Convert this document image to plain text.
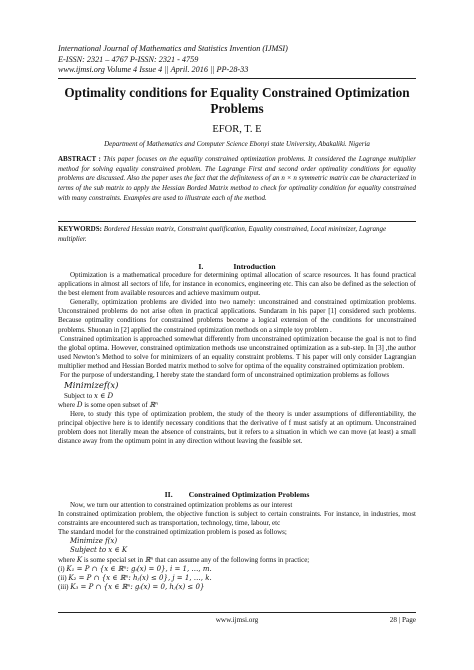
International Journal of Mathematics and Statistics Invention (IJMSI)
E-ISSN: 2321 – 4767 P-ISSN: 2321 - 4759
www.ijmsi.org Volume 4 Issue 4 || April. 2016 || PP-28-33
Optimality conditions for Equality Constrained Optimization Problems
EFOR, T. E
Department of Mathematics and Computer Science Ebonyi state University, Abakaliki. Nigeria
ABSTRACT : This paper focuses on the equality constrained optimization problems. It considered the Lagrange multiplier method for solving equality constrained problem. The Lagrange First and second order optimality conditions for equality problems are discussed. Also the paper uses the fact that the definiteness of an n × n symmetric matrix can be characterized in terms of the sub matrix to apply the Hessian Borded Matrix method to check for optimality condition for equality constrained with many constraints. Examples are used to illustrate each of the method.
KEYWORDS: Bordered Hessian matrix, Constraint qualification, Equality constrained, Local minimizer, Lagrange multiplier.
I.	Introduction

Optimization is a mathematical procedure for determining optimal allocation of scarce resources. It has found practical applications in almost all sectors of life, for instance in economics, engineering etc. This can also be defined as the selection of the best element from available resources and achieve maximum output.

Generally, optimization problems are divided into two namely: unconstrained and constrained optimization problems. Unconstrained problems do not arise often in practical applications. Sundaram in his paper [1] considered such problems. Because optimality conditions for constrained problems become a logical extension of the conditions for unconstrained problems. Shuonan in [2] applied the constrained optimization methods on a simple toy problem .

Constrained optimization is approached somewhat differently from unconstrained optimization because the goal is not to find the global optima. However, constrained optimization methods use unconstrained optimization as a sub-step. In [3] ,the author used Newton’s Method to solve for minimizers of an equality constraint problems. T his paper will only consider Lagrangian multiplier method and Hessian Borded matrix method to solve for optima of the equality constrained optimization problem.

For the purpose of understanding, I hereby state the standard form of unconstrained optimization problems as follows

Minimizef(x)

Subject to x ∈ D

where D is some open subset of ℝⁿ

Here, to study this type of optimization problem, the study of the theory is under assumptions of differentiability, the principal objective here is to identify necessary conditions that the derivative of f must satisfy at an optimum. Unconstrained problem does not literally mean the absence of constraints, but it refers to a situation in which we can move (at least) a small distance away from the optimum point in any direction without leaving the feasible set.

II. Constrained Optimization Problems

Now, we turn our attention to constrained optimization problems as our interest

In constrained optimization problem, the objective function is subject to certain constraints. For instance, in industries, most constraints are encountered such as transportation, technology, time, labour, etc

The standard model for the constrained optimization problem is posed as follows;

Minimize f(x)

Subject to x ∈ K

where K is some special set in ℝⁿ that can assume any of the following forms in practice;

(i) K₁ = P ∩ {x ∈ ℝⁿ: gᵢ(x) = 0}, i = 1, …, m.

(ii) K₂ = P ∩ {x ∈ ℝⁿ: hⱼ(x) ≤ 0}, j = 1, …, k.

(iii) K₃ = P ∩ {x ∈ ℝⁿ: gᵢ(x) = 0, hⱼ(x) ≤ 0}

www.ijmsi.org	28 | Page
